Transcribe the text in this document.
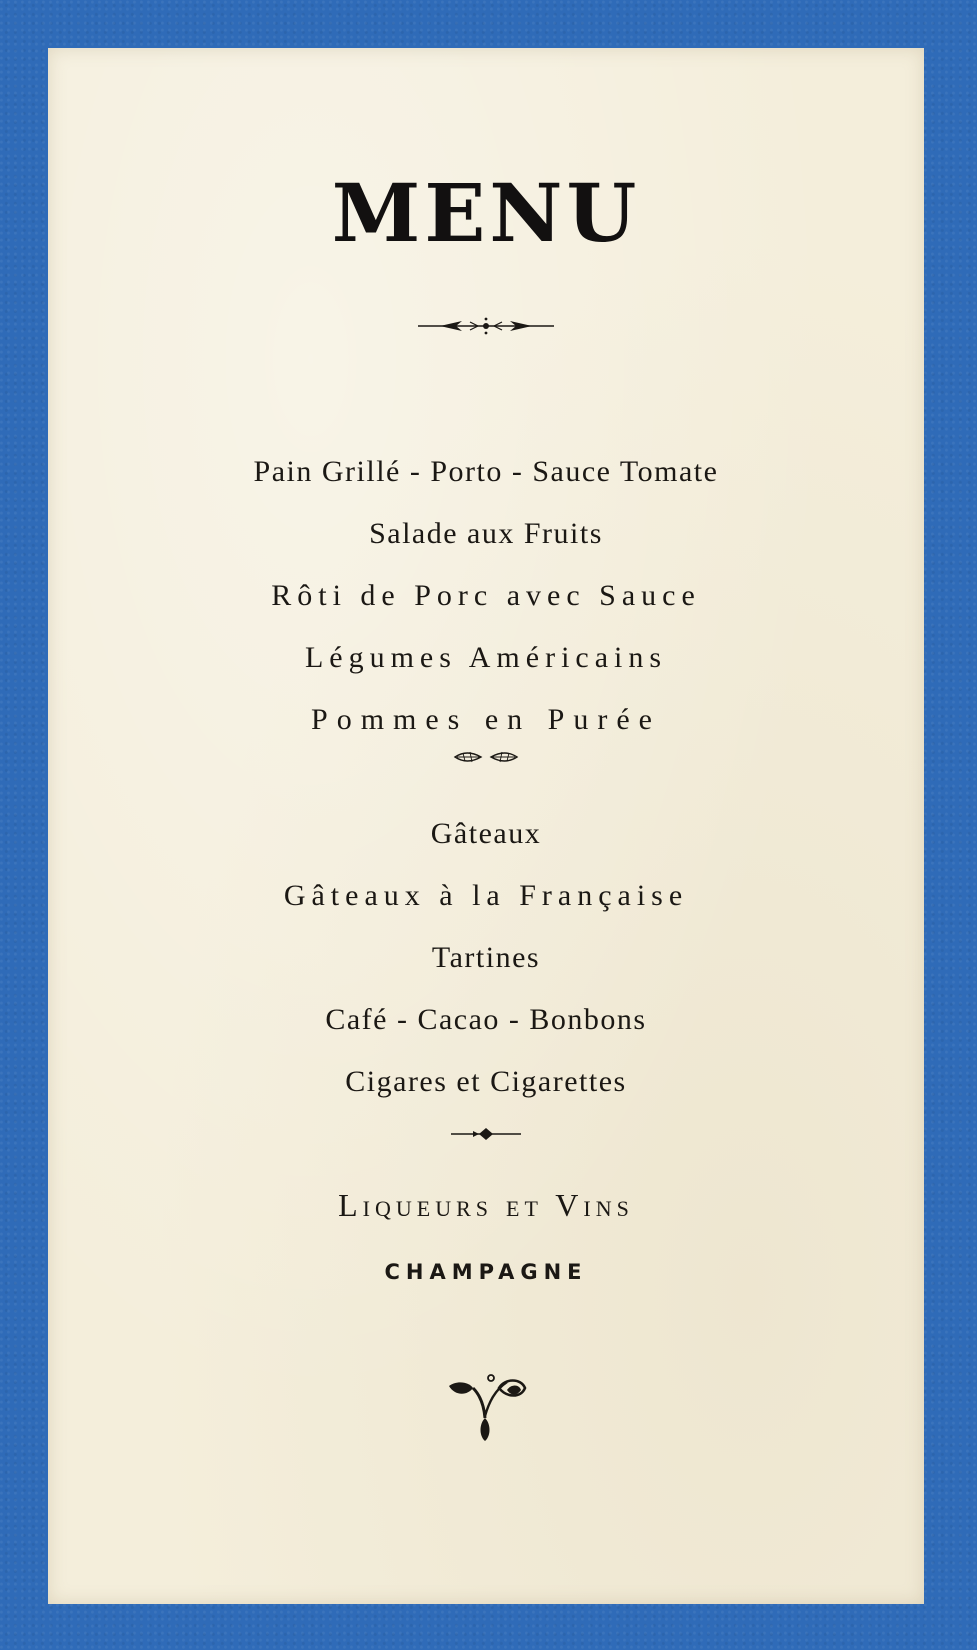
MENU
Pain Grillé - Porto - Sauce Tomate
Salade aux Fruits
Rôti de Porc avec Sauce
Légumes Américains
Pommes en Purée
Gâteaux
Gâteaux à la Française
Tartines
Café - Cacao - Bonbons
Cigares et Cigarettes
Liqueurs et Vins
CHAMPAGNE
